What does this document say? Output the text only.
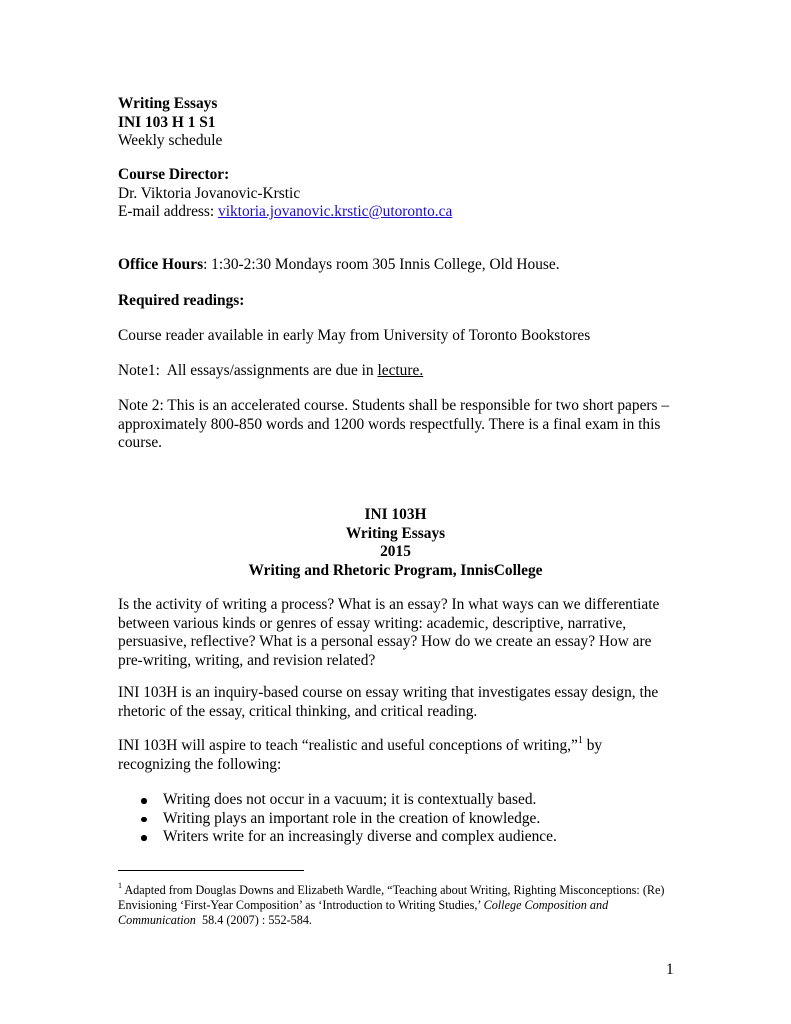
Writing Essays
INI 103 H 1 S1
Weekly schedule
Course Director:
Dr. Viktoria Jovanovic-Krstic
E-mail address: viktoria.jovanovic.krstic@utoronto.ca
Office Hours: 1:30-2:30 Mondays room 305 Innis College, Old House.
Required readings:
Course reader available in early May from University of Toronto Bookstores
Note1:  All essays/assignments are due in lecture.
Note 2: This is an accelerated course. Students shall be responsible for two short papers – approximately 800-850 words and 1200 words respectfully. There is a final exam in this course.
INI 103H
Writing Essays
2015
Writing and Rhetoric Program, InnisCollege
Is the activity of writing a process? What is an essay? In what ways can we differentiate between various kinds or genres of essay writing: academic, descriptive, narrative, persuasive, reflective? What is a personal essay? How do we create an essay? How are pre-writing, writing, and revision related?
INI 103H is an inquiry-based course on essay writing that investigates essay design, the rhetoric of the essay, critical thinking, and critical reading.
INI 103H will aspire to teach “realistic and useful conceptions of writing,”$^1$ by recognizing the following:
Writing does not occur in a vacuum; it is contextually based.
Writing plays an important role in the creation of knowledge.
Writers write for an increasingly diverse and complex audience.
$^1$ Adapted from Douglas Downs and Elizabeth Wardle, “Teaching about Writing, Righting Misconceptions: (Re) Envisioning ‘First-Year Composition’ as ‘Introduction to Writing Studies,’ College Composition and Communication  58.4 (2007) : 552-584.
1
